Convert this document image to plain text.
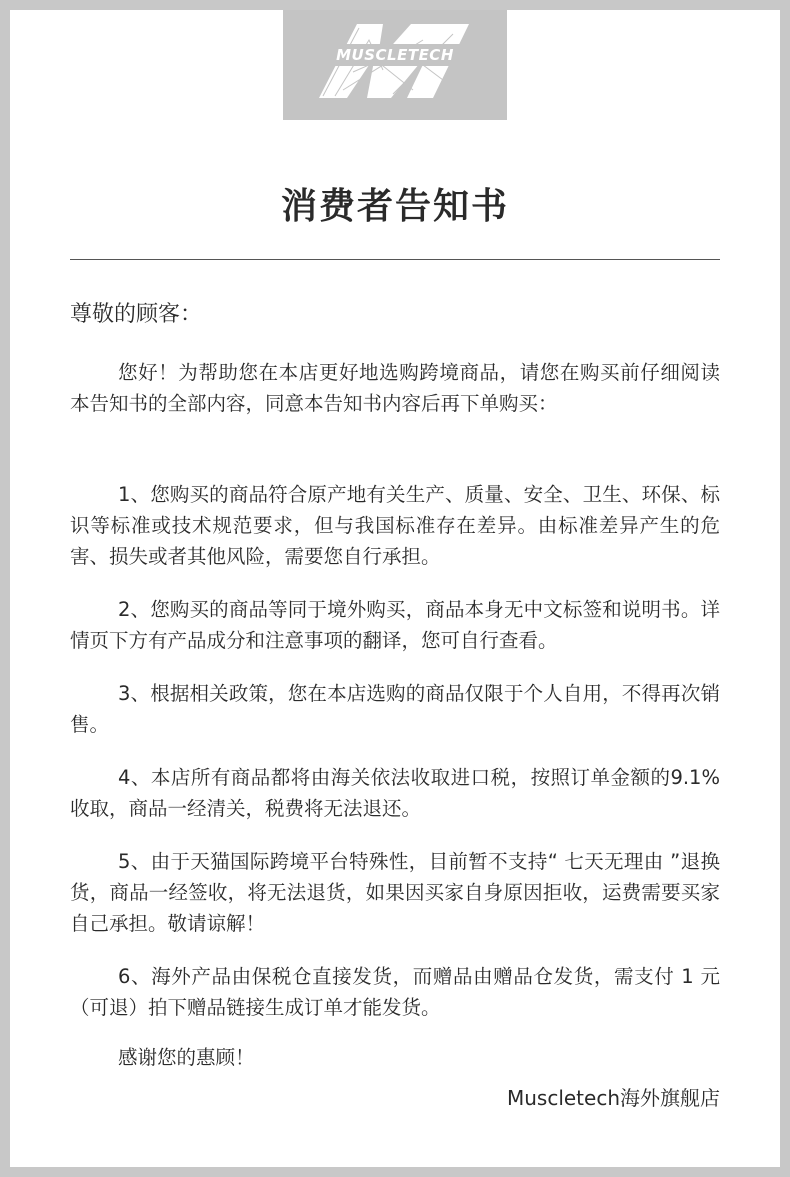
MUSCLETECH
消费者告知书
尊敬的顾客：

您好！为帮助您在本店更好地选购跨境商品，请您在购买前仔细阅读本告知书的全部内容，同意本告知书内容后再下单购买：

1、您购买的商品符合原产地有关生产、质量、安全、卫生、环保、标识等标准或技术规范要求，但与我国标准存在差异。由标准差异产生的危害、损失或者其他风险，需要您自行承担。

2、您购买的商品等同于境外购买，商品本身无中文标签和说明书。详情页下方有产品成分和注意事项的翻译，您可自行查看。

3、根据相关政策，您在本店选购的商品仅限于个人自用，不得再次销售。

4、本店所有商品都将由海关依法收取进口税，按照订单金额的9.1% 收取，商品一经清关，税费将无法退还。

5、由于天猫国际跨境平台特殊性，目前暂不支持“ 七天无理由 ”退换货，商品一经签收，将无法退货，如果因买家自身原因拒收，运费需要买家自己承担。敬请谅解！

6、海外产品由保税仓直接发货，而赠品由赠品仓发货，需支付 1 元（可退）拍下赠品链接生成订单才能发货。

感谢您的惠顾！
Muscletech海外旗舰店
